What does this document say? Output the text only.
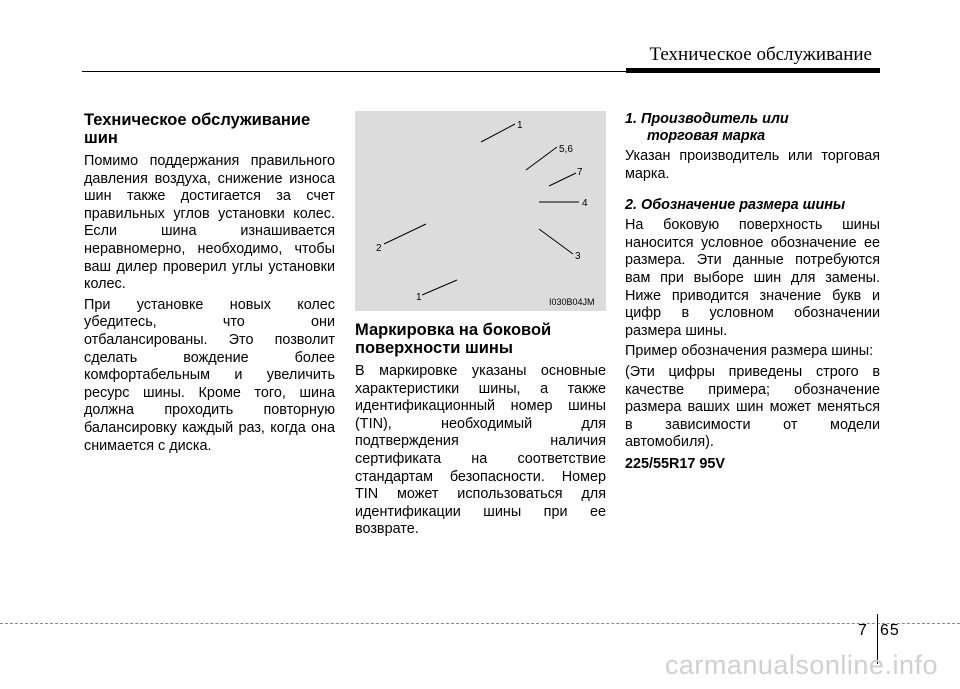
Техническое обслуживание
Техническое обслуживание шин

Помимо поддержания правильного давления воздуха, снижение износа шин также достигается за счет правильных углов установки колес. Если шина изнашивается неравномерно, необходимо, чтобы ваш дилер проверил углы установки колес.

При установке новых колес убедитесь, что они отбалансированы. Это позволит сделать вождение более комфортабельным и увеличить ресурс шины. Кроме того, шина должна проходить повторную балансировку каждый раз, когда она снимается с диска.

1
5,6
7
4
3
2
1	I030B04JM
Маркировка на боковой поверхности шины

В маркировке указаны основные характеристики шины, а также идентификационный номер шины (TIN), необходимый для подтверждения наличия сертификата на соответствие стандартам безопасности. Номер TIN может использоваться для идентификации шины при ее возврате.

1. Производитель или
торговая марка

Указан производитель или торговая марка.

2. Обозначение размера шины

На боковую поверхность шины наносится условное обозначение ее размера. Эти данные потребуются вам при выборе шин для замены. Ниже приводится значение букв и цифр в условном обозначении размера шины.

Пример обозначения размера шины:

(Эти цифры приведены строго в качестве примера; обозначение размера ваших шин может меняться в зависимости от модели автомобиля).

225/55R17 95V
7 65
carmanualsonline.info
